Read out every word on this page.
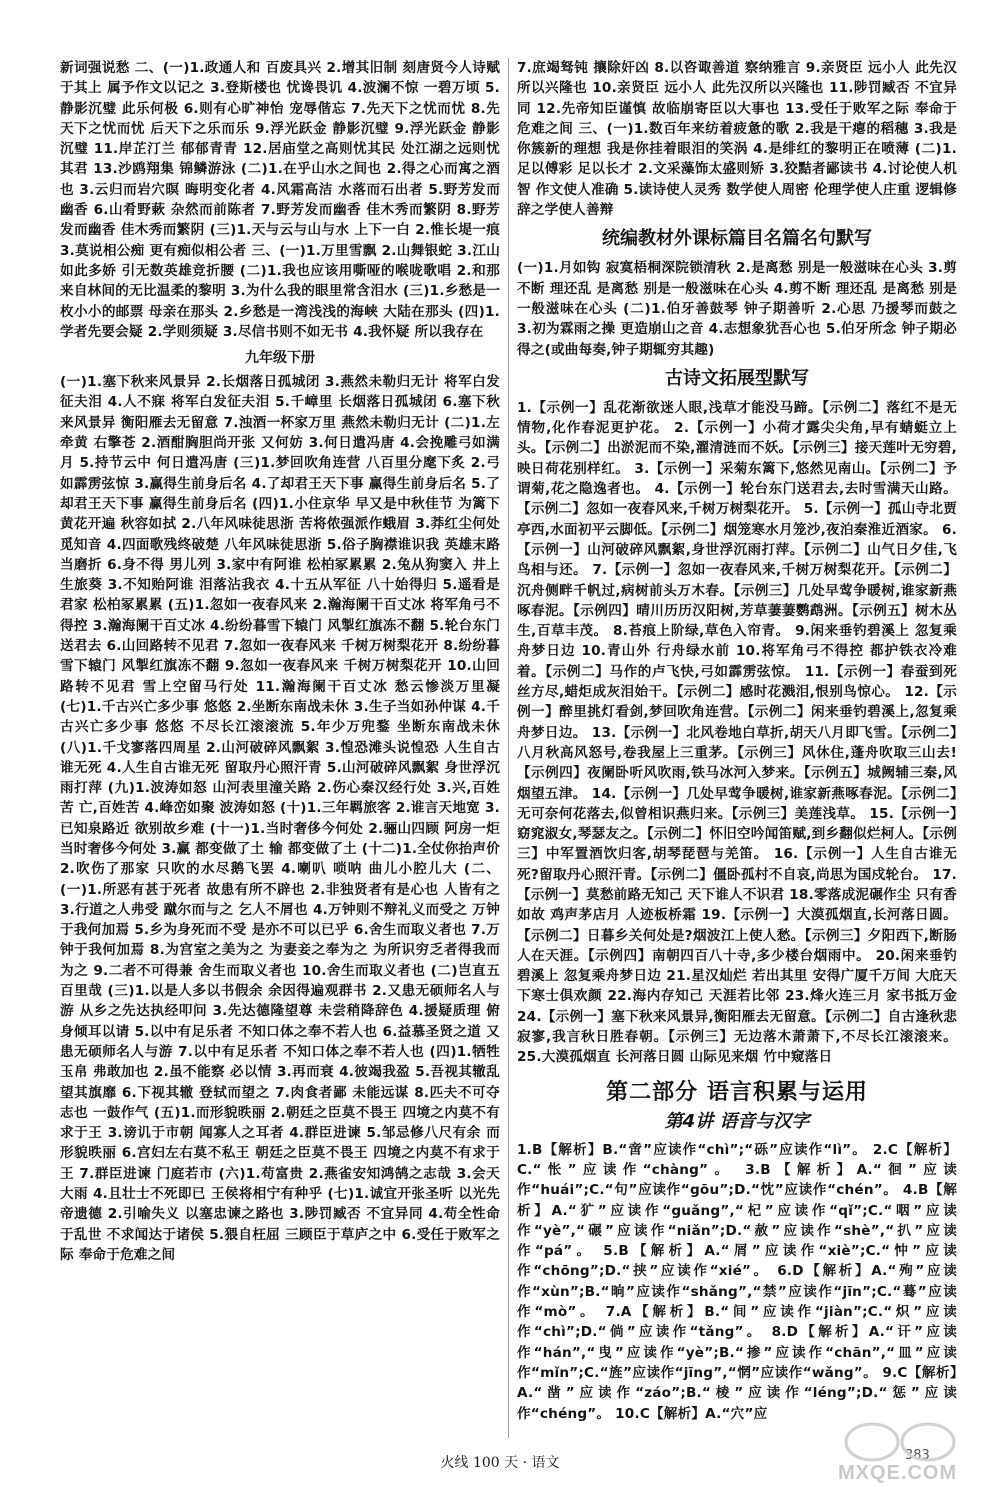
新词强说愁 二、(一)1.政通人和 百废具兴 2.增其旧制 刻唐贤今人诗赋于其上 属予作文以记之 3.登斯楼也 忧谗畏讥 4.波澜不惊 一碧万顷 5.静影沉璧 此乐何极 6.则有心旷神怡 宠辱偕忘 7.先天下之忧而忧 8.先天下之忧而忧 后天下之乐而乐 9.浮光跃金 静影沉璧 9.浮光跃金 静影沉璧 11.岸芷汀兰 郁郁青青 12.居庙堂之高则忧其民 处江湖之远则忧其君 13.沙鸥翔集 锦鳞游泳 (二)1.在乎山水之间也 2.得之心而寓之酒也 3.云归而岩穴暝 晦明变化者 4.风霜高洁 水落而石出者 5.野芳发而幽香 6.山肴野蔌 杂然而前陈者 7.野芳发而幽香 佳木秀而繁阴 8.野芳发而幽香 佳木秀而繁阴 (三)1.天与云与山与水 上下一白 2.惟长堤一痕 3.莫说相公痴 更有痴似相公者 三、(一)1.万里雪飘 2.山舞银蛇 3.江山如此多娇 引无数英雄竞折腰 (二)1.我也应该用嘶哑的喉咙歌唱 2.和那来自林间的无比温柔的黎明 3.为什么我的眼里常含泪水 (三)1.乡愁是一枚小小的邮票 母亲在那头 2.乡愁是一湾浅浅的海峡 大陆在那头 (四)1.学者先要会疑 2.学则须疑 3.尽信书则不如无书 4.我怀疑 所以我存在

九年级下册

(一)1.塞下秋来风景异 2.长烟落日孤城闭 3.燕然未勒归无计 将军白发征夫泪 4.人不寐 将军白发征夫泪 5.千嶂里 长烟落日孤城闭 6.塞下秋来风景异 衡阳雁去无留意 7.浊酒一杯家万里 燕然未勒归无计 (二)1.左牵黄 右擎苍 2.酒酣胸胆尚开张 又何妨 3.何日遣冯唐 4.会挽雕弓如满月 5.持节云中 何日遣冯唐 (三)1.梦回吹角连营 八百里分麾下炙 2.弓如霹雳弦惊 3.赢得生前身后名 4.了却君王天下事 赢得生前身后名 5.了却君王天下事 赢得生前身后名 (四)1.小住京华 早又是中秋佳节 为篱下黄花开遍 秋容如拭 2.八年风味徒思浙 苦将侬强派作蛾眉 3.莽红尘何处觅知音 4.四面歌残终破楚 八年风味徒思浙 5.俗子胸襟谁识我 英雄末路当磨折 6.身不得 男儿列 3.家中有阿谁 松柏冢累累 2.兔从狗窦入 井上生旅葵 3.不知贻阿谁 泪落沾我衣 4.十五从军征 八十始得归 5.遥看是君家 松柏冢累累 (五)1.忽如一夜春风来 2.瀚海阑干百丈冰 将军角弓不得控 3.瀚海阑干百丈冰 4.纷纷暮雪下辕门 风掣红旗冻不翻 5.轮台东门送君去 6.山回路转不见君 7.忽如一夜春风来 千树万树梨花开 8.纷纷暮雪下辕门 风掣红旗冻不翻 9.忽如一夜春风来 千树万树梨花开 10.山回路转不见君 雪上空留马行处 11.瀚海阑干百丈冰 愁云惨淡万里凝 (七)1.千古兴亡多少事 悠悠 2.坐断东南战未休 3.生子当如孙仲谋 4.千古兴亡多少事 悠悠 不尽长江滚滚流 5.年少万兜鍪 坐断东南战未休 (八)1.千戈寥落四周星 2.山河破碎风飘絮 3.惶恐滩头说惶恐 人生自古谁无死 4.人生自古谁无死 留取丹心照汗青 5.山河破碎风飘絮 身世浮沉雨打萍 (九)1.波涛如怒 山河表里潼关路 2.伤心秦汉经行处 3.兴,百姓苦 亡,百姓苦 4.峰峦如聚 波涛如怒 (十)1.三年羁旅客 2.谁言天地宽 3.已知泉路近 欲别故乡难 (十一)1.当时奢侈今何处 2.骊山四顾 阿房一炬 当时奢侈今何处 3.赢 都变做了土 输 都变做了土 (十二)1.全仗你抬声价 2.吹伤了那家 只吹的水尽鹅飞罢 4.喇叭 唢呐 曲儿小腔儿大 (二、(一)1.所恶有甚于死者 故患有所不辟也 2.非独贤者有是心也 人皆有之 3.行道之人弗受 蹴尔而与之 乞人不屑也 4.万钟则不辩礼义而受之 万钟于我何加焉 5.乡为身死而不受 是亦不可以已乎 6.舍生而取义者也 7.万钟于我何加焉 8.为宫室之美为之 为妻妾之奉为之 为所识穷乏者得我而为之 9.二者不可得兼 舍生而取义者也 10.舍生而取义者也 (二)岂直五百里哉 (三)1.以是人多以书假余 余因得遍观群书 2.又患无硕师名人与游 从乡之先达执经叩问 3.先达德隆望尊 未尝稍降辞色 4.援疑质理 俯身倾耳以请 5.以中有足乐者 不知口体之奉不若人也 6.益慕圣贤之道 又患无硕师名人与游 7.以中有足乐者 不知口体之奉不若人也 (四)1.牺牲玉帛 弗敢加也 2.虽不能察 必以情 3.再而衰 4.彼竭我盈 5.吾视其辙乱 望其旗靡 6.下视其辙 登轼而望之 7.肉食者鄙 未能远谋 8.匹夫不可夺志也 一鼓作气 (五)1.而形貌昳丽 2.朝廷之臣莫不畏王 四境之内莫不有求于王 3.谤讥于市朝 闻寡人之耳者 4.群臣进谏 5.邹忌修八尺有余 而形貌昳丽 6.宫妇左右莫不私王 朝廷之臣莫不畏王 四境之内莫不有求于王 7.群臣进谏 门庭若市 (六)1.苟富贵 2.燕雀安知鸿鹄之志哉 3.会天大雨 4.且壮士不死即已 王侯将相宁有种乎 (七)1.诚宜开张圣听 以光先帝遗德 2.引喻失义 以塞忠谏之路也 3.陟罚臧否 不宜异同 4.苟全性命于乱世 不求闻达于诸侯 5.猥自枉屈 三顾臣于草庐之中 6.受任于败军之际 奉命于危难之间

7.庶竭驽钝 攘除奸凶 8.以咨诹善道 察纳雅言 9.亲贤臣 远小人 此先汉所以兴隆也 10.亲贤臣 远小人 此先汉所以兴隆也 11.陟罚臧否 不宜异同 12.先帝知臣谨慎 故临崩寄臣以大事也 13.受任于败军之际 奉命于危难之间 三、(一)1.数百年来纺着疲惫的歌 2.我是干瘪的稻穗 3.我是你簇新的理想 我是你挂着眼泪的笑涡 4.是绯红的黎明正在喷薄 (二)1.足以傅彩 足以长才 2.文采藻饰太盛则矫 3.狡黠者鄙读书 4.讨论使人机智 作文使人准确 5.读诗使人灵秀 数学使人周密 伦理学使人庄重 逻辑修辞之学使人善辩

统编教材外课标篇目名篇名句默写

(一)1.月如钩 寂寞梧桐深院锁清秋 2.是离愁 别是一般滋味在心头 3.剪不断 理还乱 是离愁 别是一般滋味在心头 4.剪不断 理还乱 是离愁 别是一般滋味在心头 (二)1.伯牙善鼓琴 钟子期善听 2.心思 乃援琴而鼓之 3.初为霖雨之操 更造崩山之音 4.志想象犹吾心也 5.伯牙所念 钟子期必得之(或曲每奏,钟子期辄穷其趣)

古诗文拓展型默写

1.【示例一】乱花渐欲迷人眼,浅草才能没马蹄。【示例二】落红不是无情物,化作春泥更护花。 2.【示例一】小荷才露尖尖角,早有蜻蜓立上头。【示例二】出淤泥而不染,濯清涟而不妖。【示例三】接天莲叶无穷碧,映日荷花别样红。 3.【示例一】采菊东篱下,悠然见南山。【示例二】予谓菊,花之隐逸者也。 4.【示例一】轮台东门送君去,去时雪满天山路。【示例二】忽如一夜春风来,千树万树梨花开。 5.【示例一】孤山寺北贾亭西,水面初平云脚低。【示例二】烟笼寒水月笼沙,夜泊秦淮近酒家。 6.【示例一】山河破碎风飘絮,身世浮沉雨打萍。【示例二】山气日夕佳,飞鸟相与还。 7.【示例一】忽如一夜春风来,千树万树梨花开。【示例二】沉舟侧畔千帆过,病树前头万木春。【示例三】几处早莺争暖树,谁家新燕啄春泥。【示例四】晴川历历汉阳树,芳草萋萋鹦鹉洲。【示例五】树木丛生,百草丰茂。 8.苔痕上阶绿,草色入帘青。 9.闲来垂钓碧溪上 忽复乘舟梦日边 10.青山外 行舟绿水前 10.将军角弓不得控 都护铁衣冷难着。【示例二】马作的卢飞快,弓如霹雳弦惊。 11.【示例一】春蚕到死丝方尽,蜡炬成灰泪始干。【示例二】感时花溅泪,恨别鸟惊心。 12.【示例一】醉里挑灯看剑,梦回吹角连营。【示例二】闲来垂钓碧溪上,忽复乘舟梦日边。 13.【示例一】北风卷地白草折,胡天八月即飞雪。【示例二】八月秋高风怒号,卷我屋上三重茅。【示例三】风休住,蓬舟吹取三山去!【示例四】夜阑卧听风吹雨,铁马冰河入梦来。【示例五】城阙辅三秦,风烟望五津。 14.【示例一】几处早莺争暖树,谁家新燕啄春泥。【示例二】无可奈何花落去,似曾相识燕归来。【示例三】美莲浅草。 15.【示例一】窈窕淑女,琴瑟友之。【示例二】怀旧空吟闻笛赋,到乡翻似烂柯人。【示例三】中军置酒饮归客,胡琴琵琶与羌笛。 16.【示例一】人生自古谁无死?留取丹心照汗青。【示例二】僵卧孤村不自哀,尚思为国戍轮台。 17.【示例一】莫愁前路无知己 天下谁人不识君 18.零落成泥碾作尘 只有香如故 鸡声茅店月 人迹板桥霜 19.【示例一】大漠孤烟直,长河落日圆。【示例二】日暮乡关何处是?烟波江上使人愁。【示例三】夕阳西下,断肠人在天涯。【示例四】南朝四百八十寺,多少楼台烟雨中。 20.闲来垂钓碧溪上 忽复乘舟梦日边 21.星汉灿烂 若出其里 安得广厦千万间 大庇天下寒士俱欢颜 22.海内存知己 天涯若比邻 23.烽火连三月 家书抵万金 24.【示例一】塞下秋来风景异,衡阳雁去无留意。【示例二】自古逢秋悲寂寥,我言秋日胜春朝。【示例三】无边落木萧萧下,不尽长江滚滚来。 25.大漠孤烟直 长河落日圆 山际见来烟 竹中窥落日

第二部分 语言积累与运用
第4讲 语音与汉字

1.B【解析】B.“啻”应读作“chì”;“砾”应读作“lì”。 2.C【解析】C.“怅”应读作“chàng”。 3.B【解析】A.“徊”应读作“huái”;C.“句”应读作“gōu”;D.“忱”应读作“chén”。 4.B【解析】A.“犷”应读作“guǎng”,“杞”应读作“qǐ”;C.“咽”应读作“yè”,“碾”应读作“niǎn”;D.“赦”应读作“shè”,“扒”应读作“pá”。 5.B【解析】A.“屑”应读作“xiè”;C.“忡”应读作“chōng”;D.“挟”应读作“xié”。 6.D【解析】A.“殉”应读作“xùn”;B.“晌”应读作“shǎng”,“禁”应读作“jīn”;C.“蓦”应读作“mò”。 7.A【解析】B.“间”应读作“jiàn”;C.“炽”应读作“chì”;D.“倘”应读作“tǎng”。 8.D【解析】A.“讦”应读作“hán”,“曳”应读作“yè”;B.“掺”应读作“chān”,“皿”应读作“mǐn”;C.“旌”应读作“jīng”,“惘”应读作“wǎng”。 9.C【解析】A.“凿”应读作“záo”;B.“棱”应读作“léng”;D.“惩”应读作“chéng”。 10.C【解析】A.“穴”应

火线 100 天 · 语文	383
MXQE.COM
